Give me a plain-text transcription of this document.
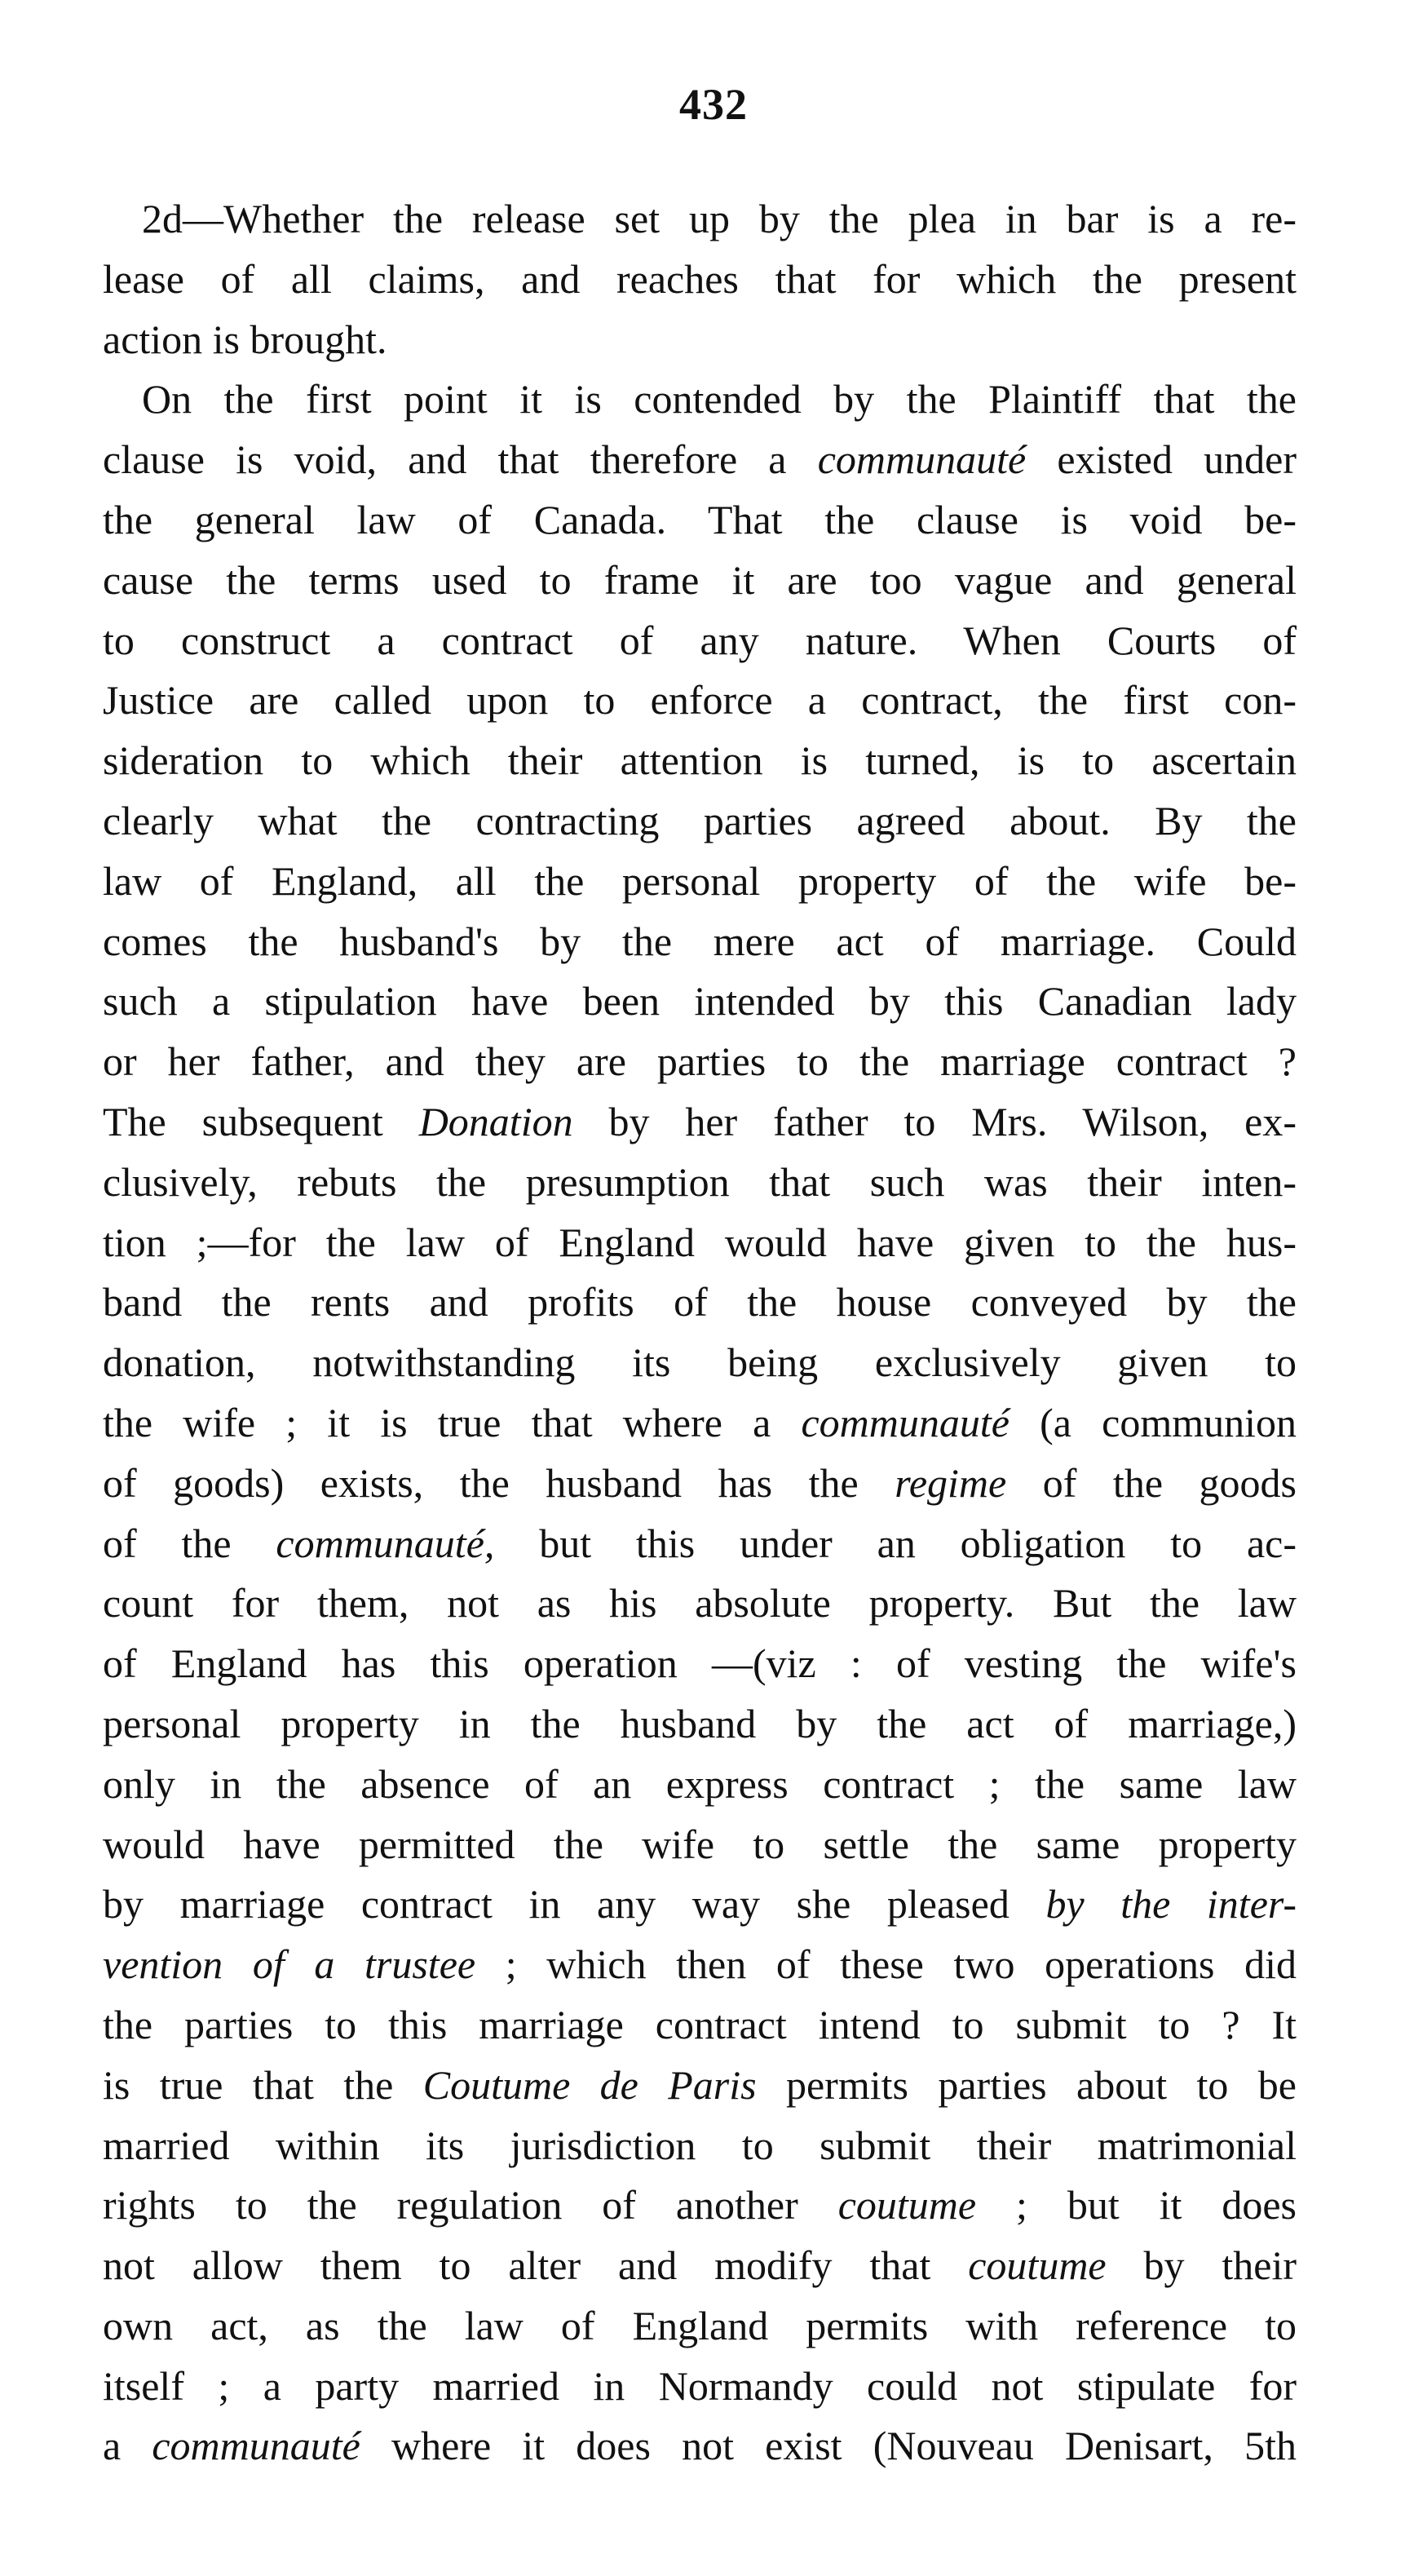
432
2d—Whether the release set up by the plea in bar is a re-
lease of all claims, and reaches that for which the present
action is brought.
On the first point it is contended by the Plaintiff that the
clause is void, and that therefore a communauté existed under
the general law of Canada. That the clause is void be-
cause the terms used to frame it are too vague and general
to construct a contract of any nature. When Courts of
Justice are called upon to enforce a contract, the first con-
sideration to which their attention is turned, is to ascertain
clearly what the contracting parties agreed about. By the
law of England, all the personal property of the wife be-
comes the husband's by the mere act of marriage. Could
such a stipulation have been intended by this Canadian lady
or her father, and they are parties to the marriage contract ?
The subsequent Donation by her father to Mrs. Wilson, ex-
clusively, rebuts the presumption that such was their inten-
tion ;—for the law of England would have given to the hus-
band the rents and profits of the house conveyed by the
donation, notwithstanding its being exclusively given to
the wife ; it is true that where a communauté (a communion
of goods) exists, the husband has the regime of the goods
of the communauté, but this under an obligation to ac-
count for them, not as his absolute property. But the law
of England has this operation —(viz : of vesting the wife's
personal property in the husband by the act of marriage,)
only in the absence of an express contract ; the same law
would have permitted the wife to settle the same property
by marriage contract in any way she pleased by the inter-
vention of a trustee ; which then of these two operations did
the parties to this marriage contract intend to submit to ? It
is true that the Coutume de Paris permits parties about to be
married within its jurisdiction to submit their matrimonial
rights to the regulation of another coutume ; but it does
not allow them to alter and modify that coutume by their
own act, as the law of England permits with reference to
itself ; a party married in Normandy could not stipulate for
a communauté where it does not exist (Nouveau Denisart, 5th
